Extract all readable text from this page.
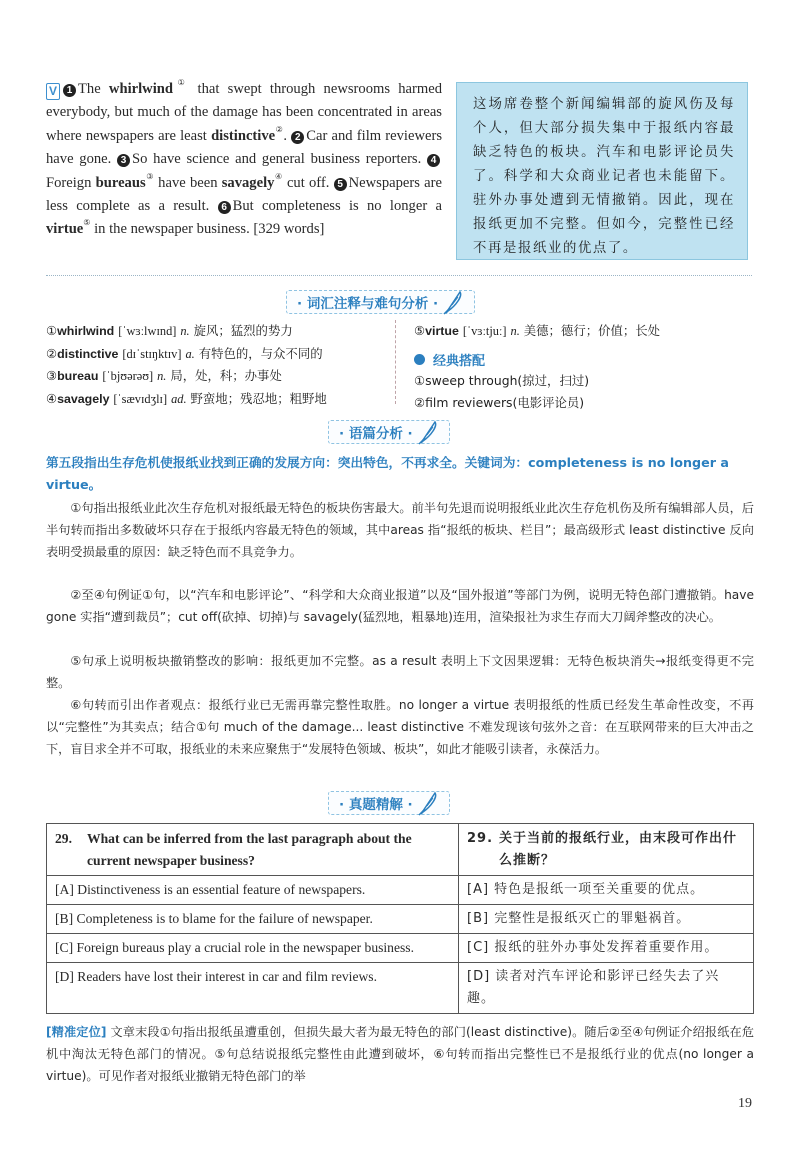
V 1 The whirlwind① that swept through newsrooms harmed everybody, but much of the damage has been concentrated in areas where newspapers are least distinctive②. 2 Car and film reviewers have gone. 3 So have science and general business reporters. 4Foreign bureaus③ have been savagely④ cut off. 5 Newspapers are less complete as a result. 6 But completeness is no longer a virtue⑤ in the newspaper business. [329 words]
这场席卷整个新闻编辑部的旋风伤及每个人，但大部分损失集中于报纸内容最缺乏特色的板块。汽车和电影评论员失了。科学和大众商业记者也未能留下。驻外办事处遭到无情撤销。因此，现在报纸更加不完整。但如今，完整性已经不再是报纸业的优点了。
· 词汇注释与难句分析 ·
①whirlwind [ˈwɜːlwɪnd] n. 旋风；猛烈的势力
②distinctive [dɪˈstɪŋktɪv] a. 有特色的，与众不同的
③bureau [ˈbjʊərəʊ] n. 局，处，科；办事处
④savagely [ˈsævɪdʒlɪ] ad. 野蛮地；残忍地；粗野地
⑤virtue [ˈvɜːtjuː] n. 美德；德行；价值；长处
经典搭配
①sweep through(掠过，扫过)
②film reviewers(电影评论员)
· 语篇分析 ·
第五段指出生存危机使报纸业找到正确的发展方向：突出特色，不再求全。关键词为：completeness is no longer a virtue。
①句指出报纸业此次生存危机对报纸最无特色的板块伤害最大。前半句先退而说明报纸业此次生存危机伤及所有编辑部人员，后半句转而指出多数破坏只存在于报纸内容最无特色的领域，其中areas 指“报纸的板块、栏目”；最高级形式 least distinctive 反向表明受损最重的原因：缺乏特色而不具竞争力。
②至④句例证①句，以“汽车和电影评论”、“科学和大众商业报道”以及“国外报道”等部门为例，说明无特色部门遭撤销。have gone 实指“遭到裁员”；cut off(砍掉、切掉)与 savagely(猛烈地，粗暴地)连用，渲染报社为求生存而大刀阔斧整改的决心。
⑤句承上说明板块撤销整改的影响：报纸更加不完整。as a result 表明上下文因果逻辑：无特色板块消失→报纸变得更不完整。
⑥句转而引出作者观点：报纸行业已无需再靠完整性取胜。no longer a virtue 表明报纸的性质已经发生革命性改变，不再以“完整性”为其卖点；结合①句 much of the damage... least distinctive 不难发现该句弦外之音：在互联网带来的巨大冲击之下，盲目求全并不可取，报纸业的未来应聚焦于“发展特色领域、板块”，如此才能吸引读者，永葆活力。
· 真题精解 ·
29. What can be inferred from the last paragraph about the current newspaper business?	29. 关于当前的报纸行业，由末段可作出什么推断？
[A] Distinctiveness is an essential feature of newspapers.	[A] 特色是报纸一项至关重要的优点。
[B] Completeness is to blame for the failure of newspaper.	[B] 完整性是报纸灭亡的罪魁祸首。
[C] Foreign bureaus play a crucial role in the newspaper business.	[C] 报纸的驻外办事处发挥着重要作用。
[D] Readers have lost their interest in car and film reviews.	[D] 读者对汽车评论和影评已经失去了兴趣。
[精准定位] 文章末段①句指出报纸虽遭重创，但损失最大者为最无特色的部门(least distinctive)。随后②至④句例证介绍报纸在危机中淘汰无特色部门的情况。⑤句总结说报纸完整性由此遭到破坏，⑥句转而指出完整性已不是报纸行业的优点(no longer a virtue)。可见作者对报纸业撤销无特色部门的举
19
